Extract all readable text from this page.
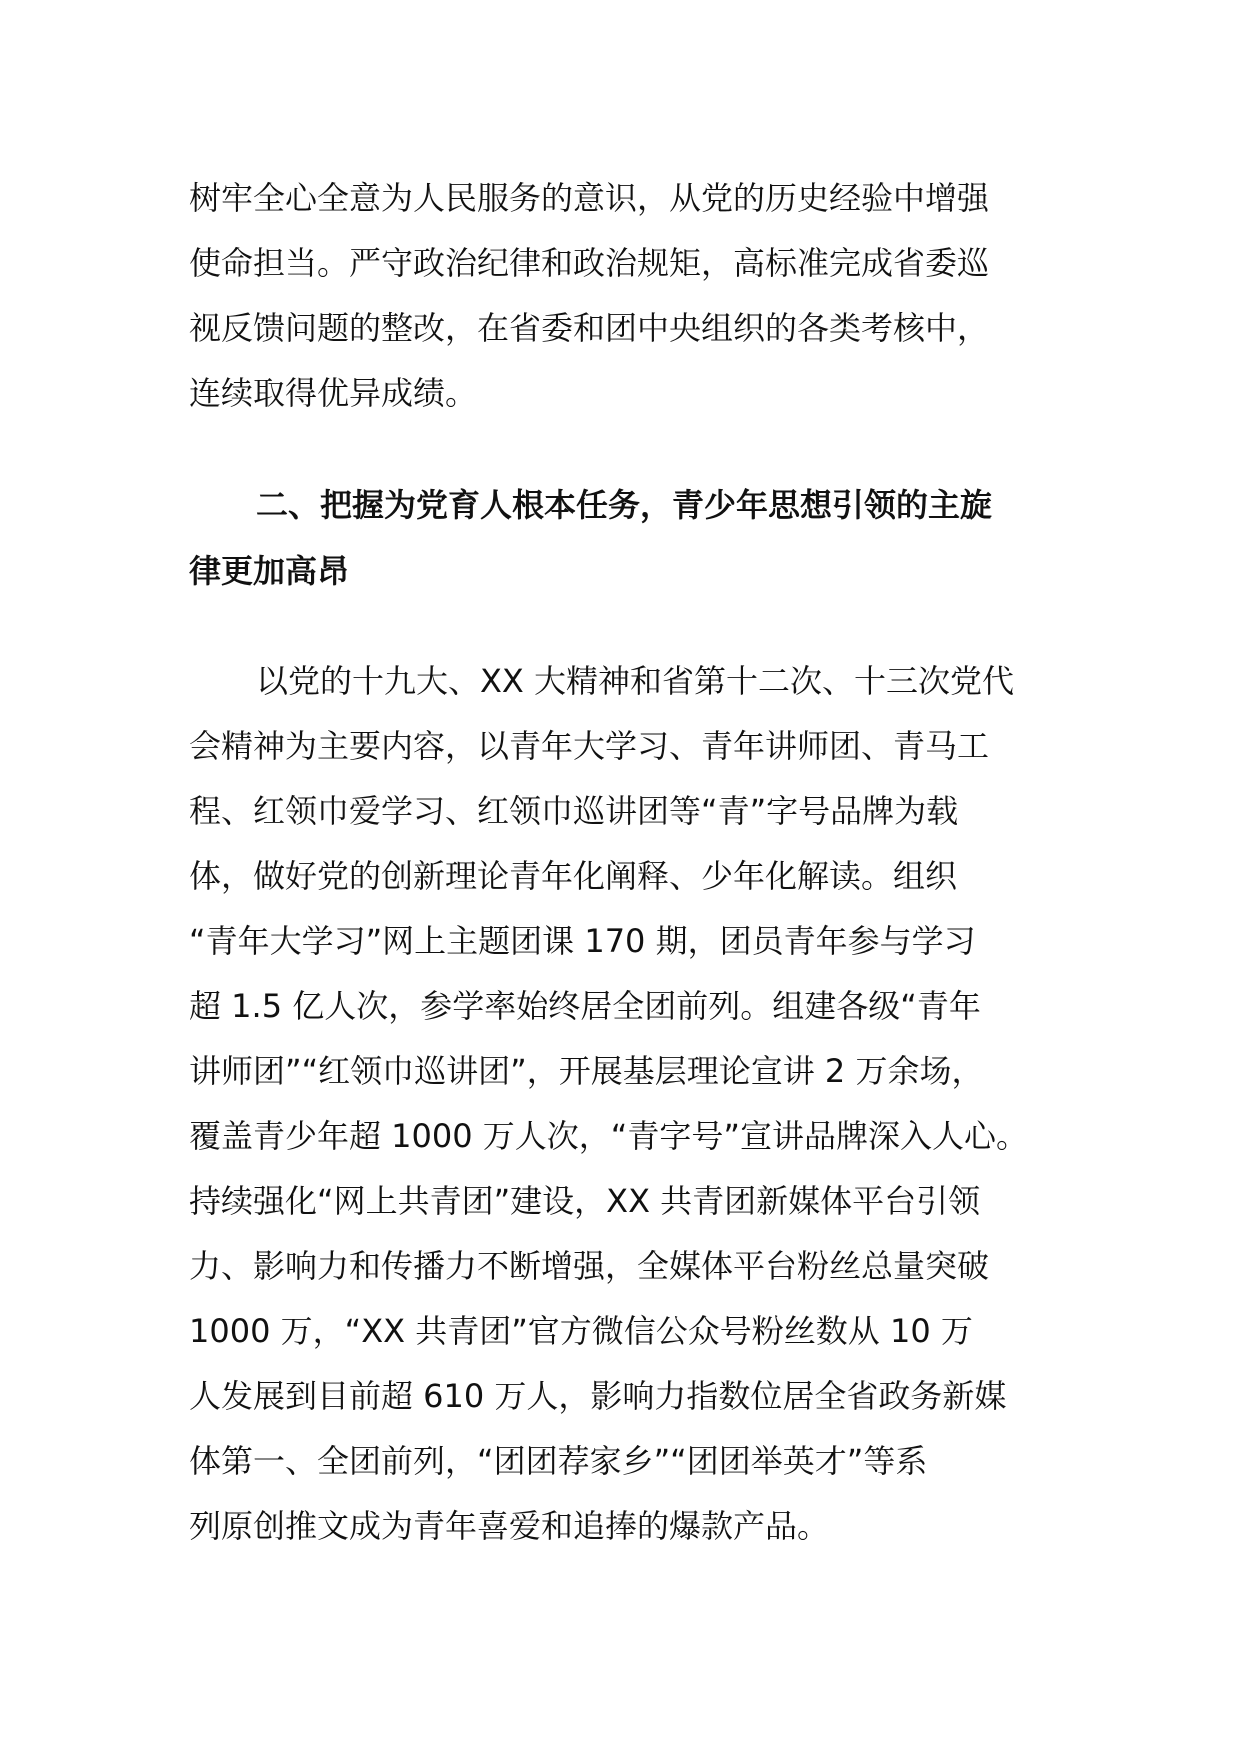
树牢全心全意为人民服务的意识，从党的历史经验中增强
使命担当。严守政治纪律和政治规矩，高标准完成省委巡
视反馈问题的整改，在省委和团中央组织的各类考核中，
连续取得优异成绩。
二、把握为党育人根本任务，青少年思想引领的主旋
律更加高昂
以党的十九大、XX 大精神和省第十二次、十三次党代
会精神为主要内容，以青年大学习、青年讲师团、青马工
程、红领巾爱学习、红领巾巡讲团等“青”字号品牌为载
体，做好党的创新理论青年化阐释、少年化解读。组织
“青年大学习”网上主题团课 170 期，团员青年参与学习
超 1.5 亿人次，参学率始终居全团前列。组建各级“青年
讲师团”“红领巾巡讲团”，开展基层理论宣讲 2 万余场，
覆盖青少年超 1000 万人次，“青字号”宣讲品牌深入人心。
持续强化“网上共青团”建设，XX 共青团新媒体平台引领
力、影响力和传播力不断增强，全媒体平台粉丝总量突破
1000 万，“XX 共青团”官方微信公众号粉丝数从 10 万
人发展到目前超 610 万人，影响力指数位居全省政务新媒
体第一、全团前列，“团团荐家乡”“团团举英才”等系
列原创推文成为青年喜爱和追捧的爆款产品。
